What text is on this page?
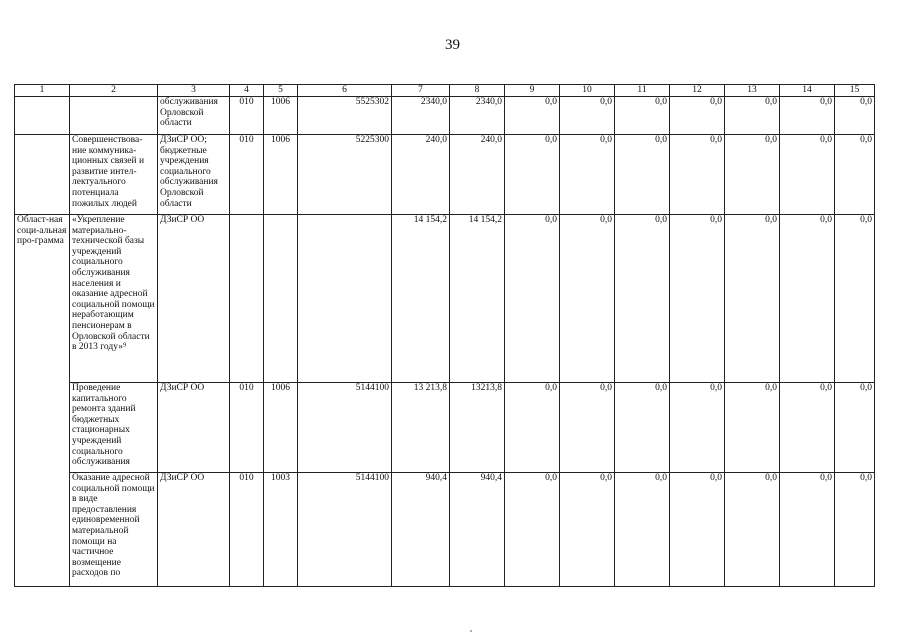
39
1	2	3	4	5	6	7	8	9	10	11	12	13	14	15
		обслуживания Орловской области	010	1006	5525302	2340,0	2340,0	0,0	0,0	0,0	0,0	0,0	0,0	0,0
	Совершенствова-ние коммуника-ционных связей и развитие интел-лектуального потенциала пожилых людей	ДЗиСР ОО; бюджетные учреждения социального обслуживания Орловской области	010	1006	5225300	240,0	240,0	0,0	0,0	0,0	0,0	0,0	0,0	0,0
Област-ная соци-альная про-грамма	«Укрепление материально-технической базы учреждений социального обслуживания населения и оказание адресной социальной помощи неработающим пенсионерам в Орловской области в 2013 году»⁹	ДЗиСР ОО				14 154,2	14 154,2	0,0	0,0	0,0	0,0	0,0	0,0	0,0
	Проведение капитального ремонта зданий бюджетных стационарных учреждений социального обслуживания	ДЗиСР ОО	010	1006	5144100	13 213,8	13213,8	0,0	0,0	0,0	0,0	0,0	0,0	0,0
	Оказание адресной социальной помощи в виде предоставления единовременной материальной помощи на частичное возмещение расходов по	ДЗиСР ОО	010	1003	5144100	940,4	940,4	0,0	0,0	0,0	0,0	0,0	0,0	0,0
